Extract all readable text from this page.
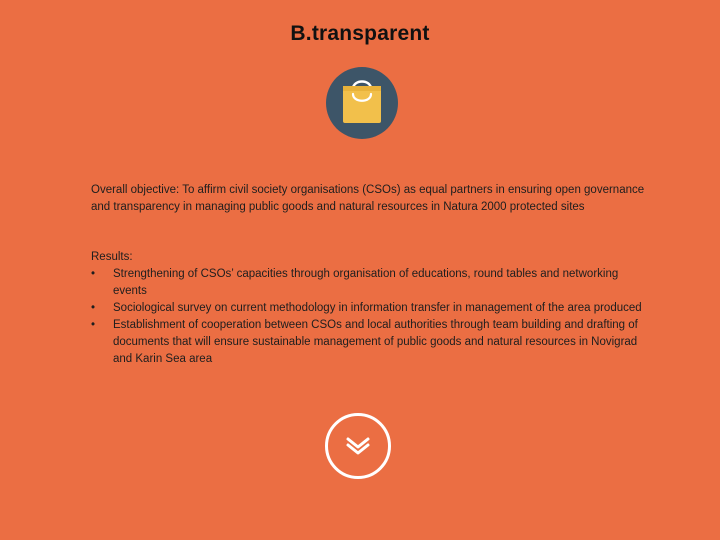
B.transparent
Overall objective: To affirm civil society organisations (CSOs) as equal partners in ensuring open governance and transparency in managing public goods and natural resources in Natura 2000 protected sites
Results:
• Strengthening of CSOs’ capacities through organisation of educations, round tables and networking events
• Sociological survey on current methodology in information transfer in management of the area produced
• Establishment of cooperation between CSOs and local authorities through team building and drafting of documents that will ensure sustainable management of public goods and natural resources in Novigrad and Karin Sea area
